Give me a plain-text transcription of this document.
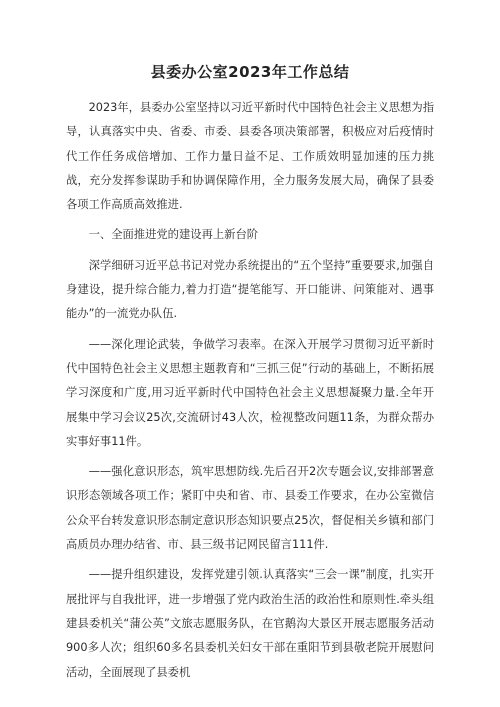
县委办公室2023年工作总结

2023年，县委办公室坚持以习近平新时代中国特色社会主义思想为指导，认真落实中央、省委、市委、县委各项决策部署，积极应对后疫情时代工作任务成倍增加、工作力量日益不足、工作质效明显加速的压力挑战，充分发挥参谋助手和协调保障作用，全力服务发展大局，确保了县委各项工作高质高效推进.

一、全面推进党的建设再上新台阶

深学细研习近平总书记对党办系统提出的“五个坚持”重要要求,加强自身建设，提升综合能力,着力打造“提笔能写、开口能讲、问策能对、遇事能办”的一流党办队伍.

——深化理论武装，争做学习表率。在深入开展学习贯彻习近平新时代中国特色社会主义思想主题教育和“三抓三促”行动的基础上，不断拓展学习深度和广度,用习近平新时代中国特色社会主义思想凝聚力量.全年开展集中学习会议25次,交流研讨43人次，检视整改问题11条，为群众帮办实事好事11件。

——强化意识形态，筑牢思想防线.先后召开2次专题会议,安排部署意识形态领域各项工作；紧盯中央和省、市、县委工作要求，在办公室微信公众平台转发意识形态制定意识形态知识要点25次，督促相关乡镇和部门高质员办理办结省、市、县三级书记网民留言111件.

——提升组织建设，发挥党建引领.认真落实“三会一课”制度，扎实开展批评与自我批评，进一步增强了党内政治生活的政治性和原则性.牵头组建县委机关“蒲公英”文旅志愿服务队，在官鹅沟大景区开展志愿服务活动900多人次；组织60多名县委机关妇女干部在重阳节到县敬老院开展慰问活动，全面展现了县委机
